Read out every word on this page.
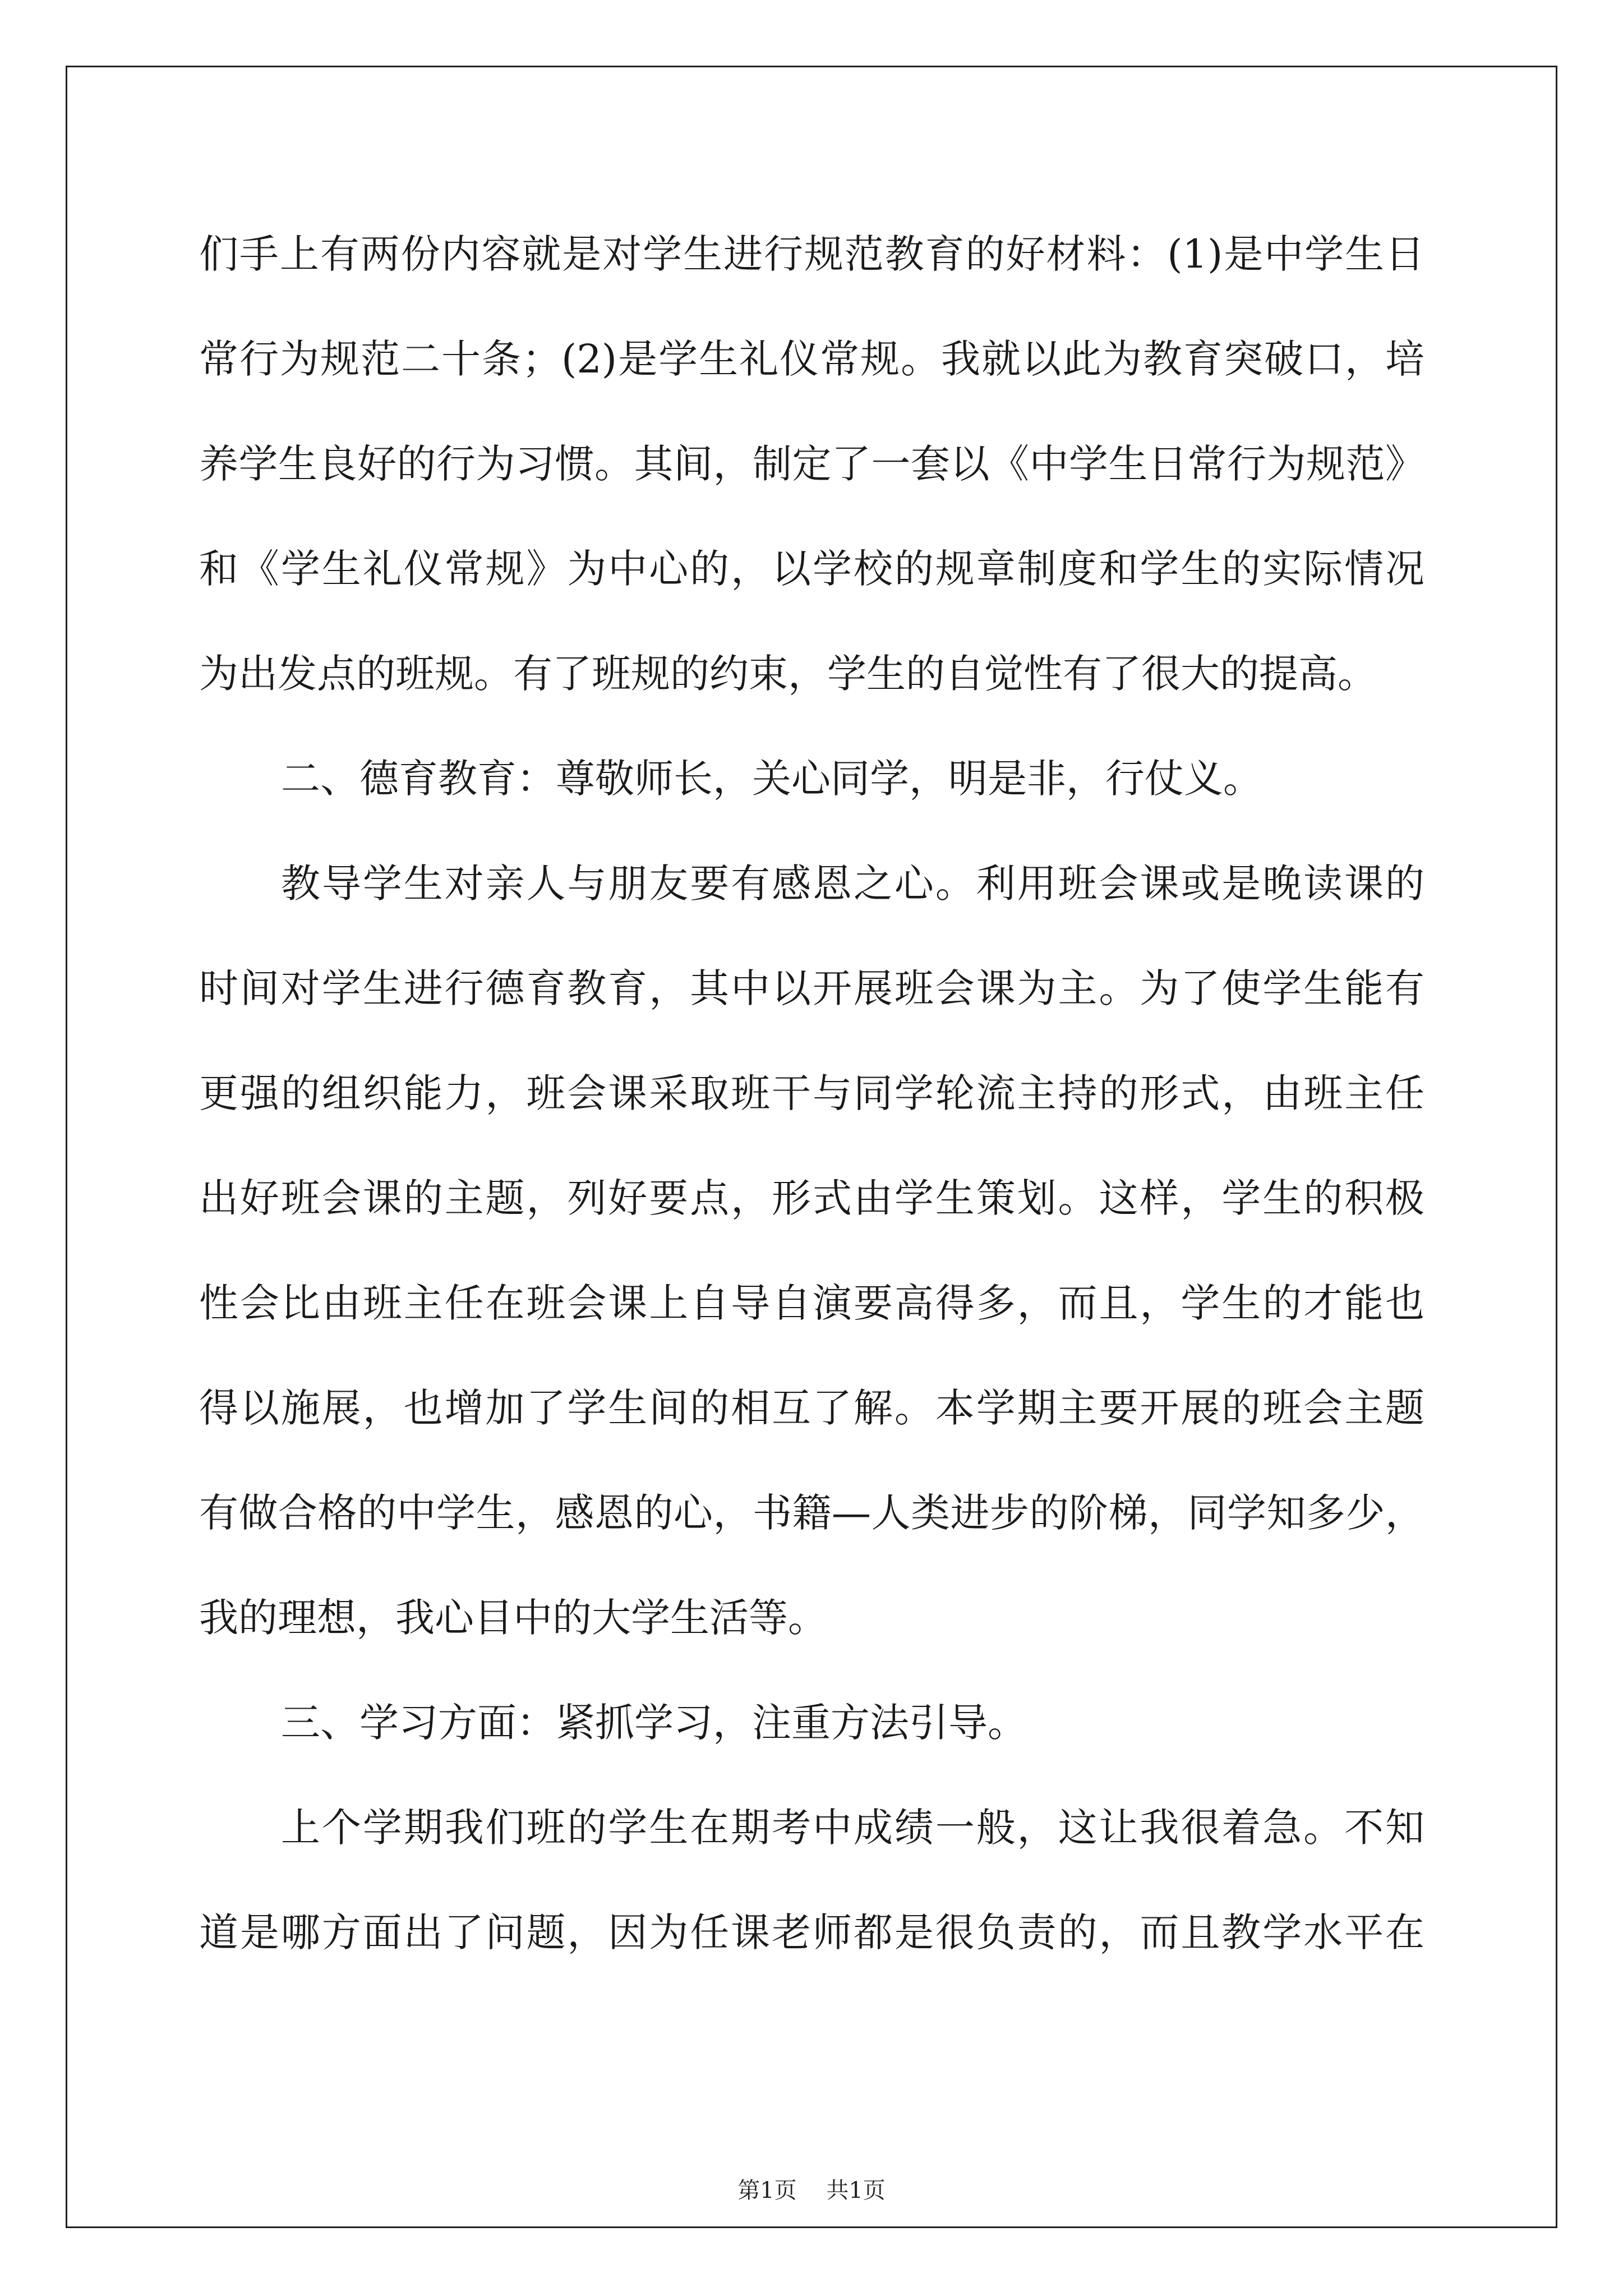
们手上有两份内容就是对学生进行规范教育的好材料：(1)是中学生日
常行为规范二十条；(2)是学生礼仪常规。我就以此为教育突破口，培
养学生良好的行为习惯。其间，制定了一套以《中学生日常行为规范》
和《学生礼仪常规》为中心的，以学校的规章制度和学生的实际情况
为出发点的班规。有了班规的约束，学生的自觉性有了很大的提高。
二、德育教育：尊敬师长，关心同学，明是非，行仗义。
教导学生对亲人与朋友要有感恩之心。利用班会课或是晚读课的
时间对学生进行德育教育，其中以开展班会课为主。为了使学生能有
更强的组织能力，班会课采取班干与同学轮流主持的形式，由班主任
出好班会课的主题，列好要点，形式由学生策划。这样，学生的积极
性会比由班主任在班会课上自导自演要高得多，而且，学生的才能也
得以施展，也增加了学生间的相互了解。本学期主要开展的班会主题
有做合格的中学生，感恩的心，书籍—人类进步的阶梯，同学知多少，
我的理想，我心目中的大学生活等。
三、学习方面：紧抓学习，注重方法引导。
上个学期我们班的学生在期考中成绩一般，这让我很着急。不知
道是哪方面出了问题，因为任课老师都是很负责的，而且教学水平在
第1页 共1页
